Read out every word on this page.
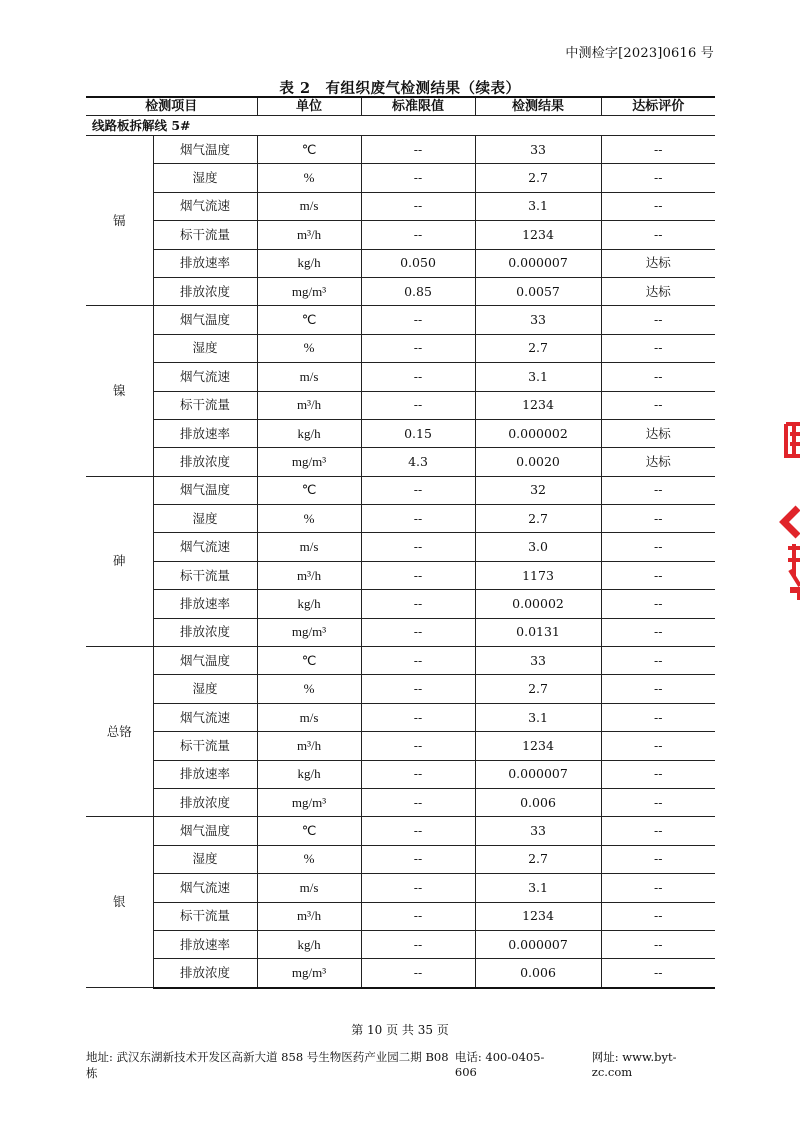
中测检字[2023]0616 号
表 2　有组织废气检测结果（续表）
检测项目		单位	标准限值	检测结果	达标评价
线路板拆解线 5#					
镉	烟气温度	℃	--	33	--
	湿度	%	--	2.7	--
	烟气流速	m/s	--	3.1	--
	标干流量	m³/h	--	1234	--
	排放速率	kg/h	0.050	0.000007	达标
	排放浓度	mg/m³	0.85	0.0057	达标
镍	烟气温度	℃	--	33	--
	湿度	%	--	2.7	--
	烟气流速	m/s	--	3.1	--
	标干流量	m³/h	--	1234	--
	排放速率	kg/h	0.15	0.000002	达标
	排放浓度	mg/m³	4.3	0.0020	达标
砷	烟气温度	℃	--	32	--
	湿度	%	--	2.7	--
	烟气流速	m/s	--	3.0	--
	标干流量	m³/h	--	1173	--
	排放速率	kg/h	--	0.00002	--
	排放浓度	mg/m³	--	0.0131	--
总铬	烟气温度	℃	--	33	--
	湿度	%	--	2.7	--
	烟气流速	m/s	--	3.1	--
	标干流量	m³/h	--	1234	--
	排放速率	kg/h	--	0.000007	--
	排放浓度	mg/m³	--	0.006	--
银	烟气温度	℃	--	33	--
	湿度	%	--	2.7	--
	烟气流速	m/s	--	3.1	--
	标干流量	m³/h	--	1234	--
	排放速率	kg/h	--	0.000007	--
	排放浓度	mg/m³	--	0.006	--
第 10 页 共 35 页
地址: 武汉东湖新技术开发区高新大道 858 号生物医药产业园二期 B08 栋
电话: 400-0405-606
网址: www.byt-zc.com
